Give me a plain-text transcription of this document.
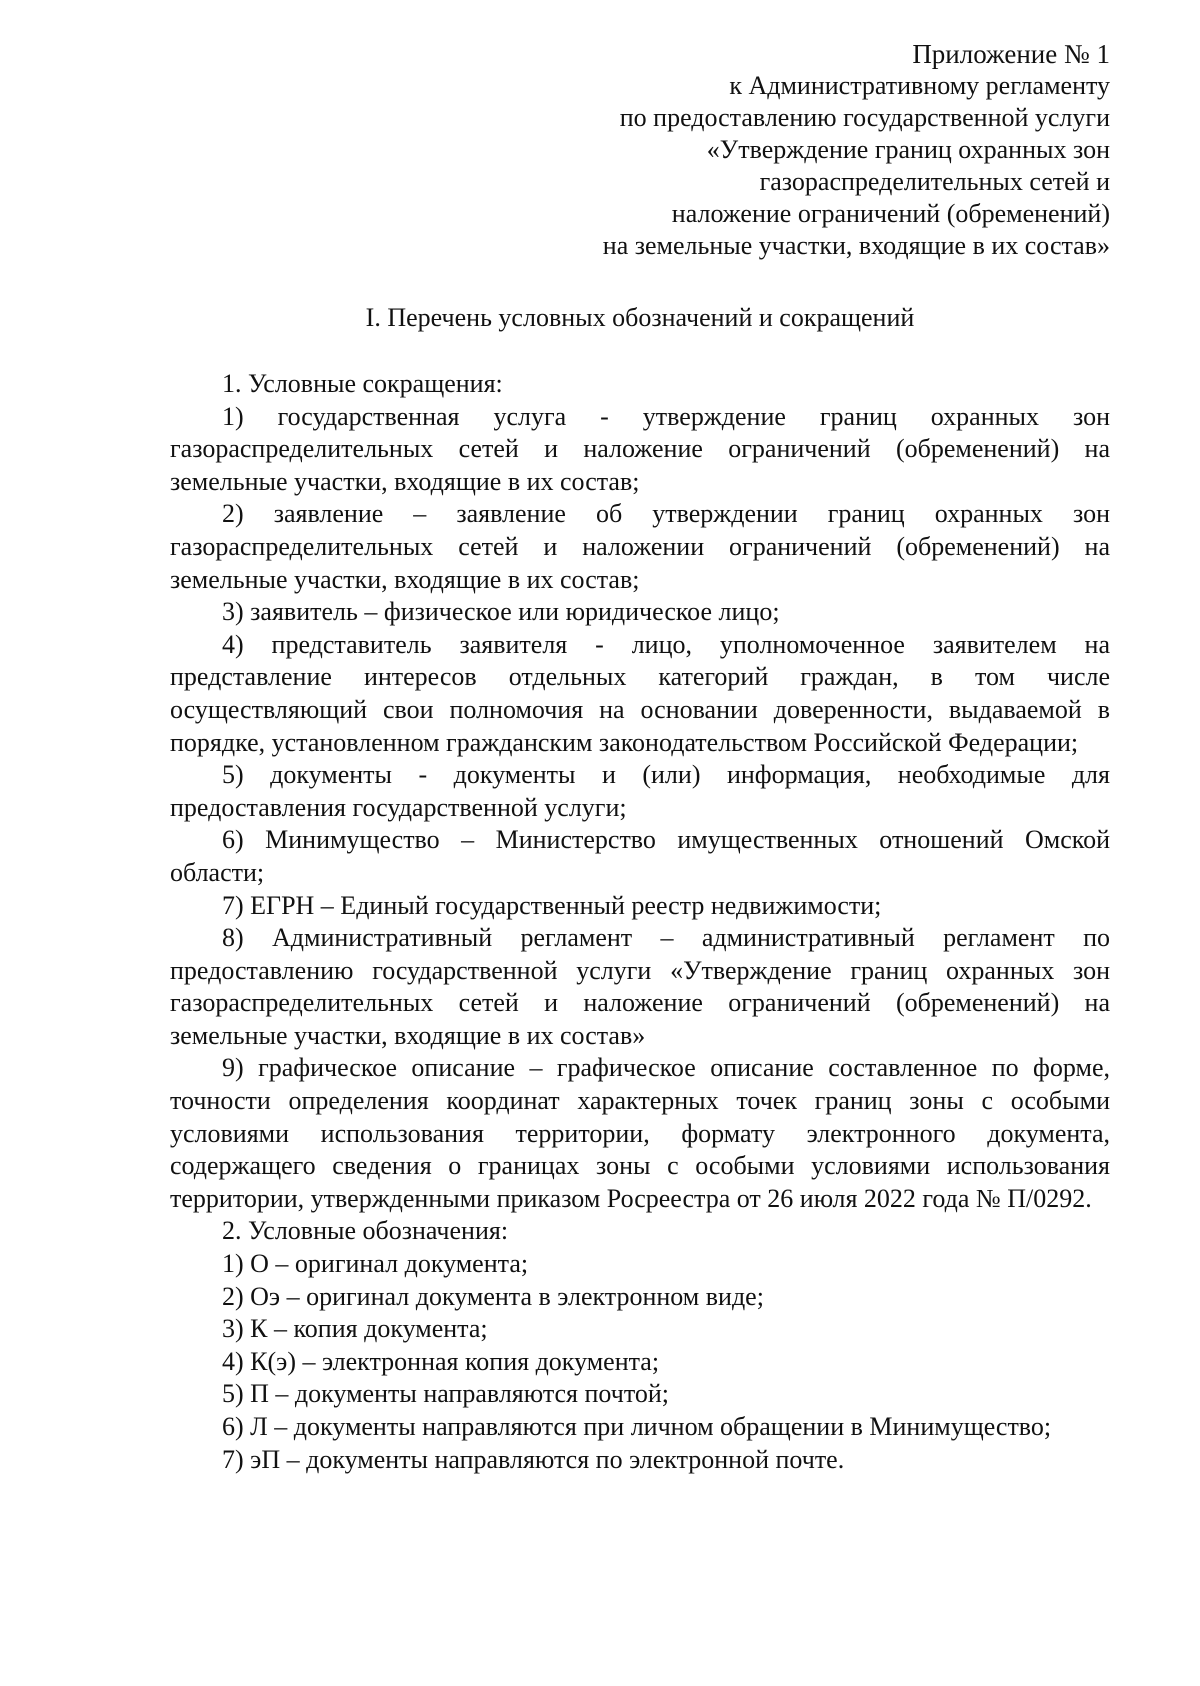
Приложение № 1
к Административному регламенту
по предоставлению государственной услуги
«Утверждение границ охранных зон
газораспределительных сетей и
наложение ограничений (обременений)
на земельные участки, входящие в их состав»
I. Перечень условных обозначений и сокращений

1. Условные сокращения:

1) государственная услуга - утверждение границ охранных зон газораспределительных сетей и наложение ограничений (обременений) на земельные участки, входящие в их состав;

2) заявление – заявление об утверждении границ охранных зон газораспределительных сетей и наложении ограничений (обременений) на земельные участки, входящие в их состав;

3) заявитель – физическое или юридическое лицо;

4) представитель заявителя - лицо, уполномоченное заявителем на представление интересов отдельных категорий граждан, в том числе осуществляющий свои полномочия на основании доверенности, выдаваемой в порядке, установленном гражданским законодательством Российской Федерации;

5) документы - документы и (или) информация, необходимые для предоставления государственной услуги;

6) Минимущество – Министерство имущественных отношений Омской области;

7) ЕГРН – Единый государственный реестр недвижимости;

8) Административный регламент – административный регламент по предоставлению государственной услуги «Утверждение границ охранных зон газораспределительных сетей и наложение ограничений (обременений) на земельные участки, входящие в их состав»

9) графическое описание – графическое описание составленное по форме, точности определения координат характерных точек границ зоны с особыми условиями использования территории, формату электронного документа, содержащего сведения о границах зоны с особыми условиями использования территории, утвержденными приказом Росреестра от 26 июля 2022 года № П/0292.

2. Условные обозначения:

1) О – оригинал документа;

2) Оэ – оригинал документа в электронном виде;

3) К – копия документа;

4) К(э) – электронная копия документа;

5) П – документы направляются почтой;

6) Л – документы направляются при личном обращении в Минимущество;

7) эП – документы направляются по электронной почте.
